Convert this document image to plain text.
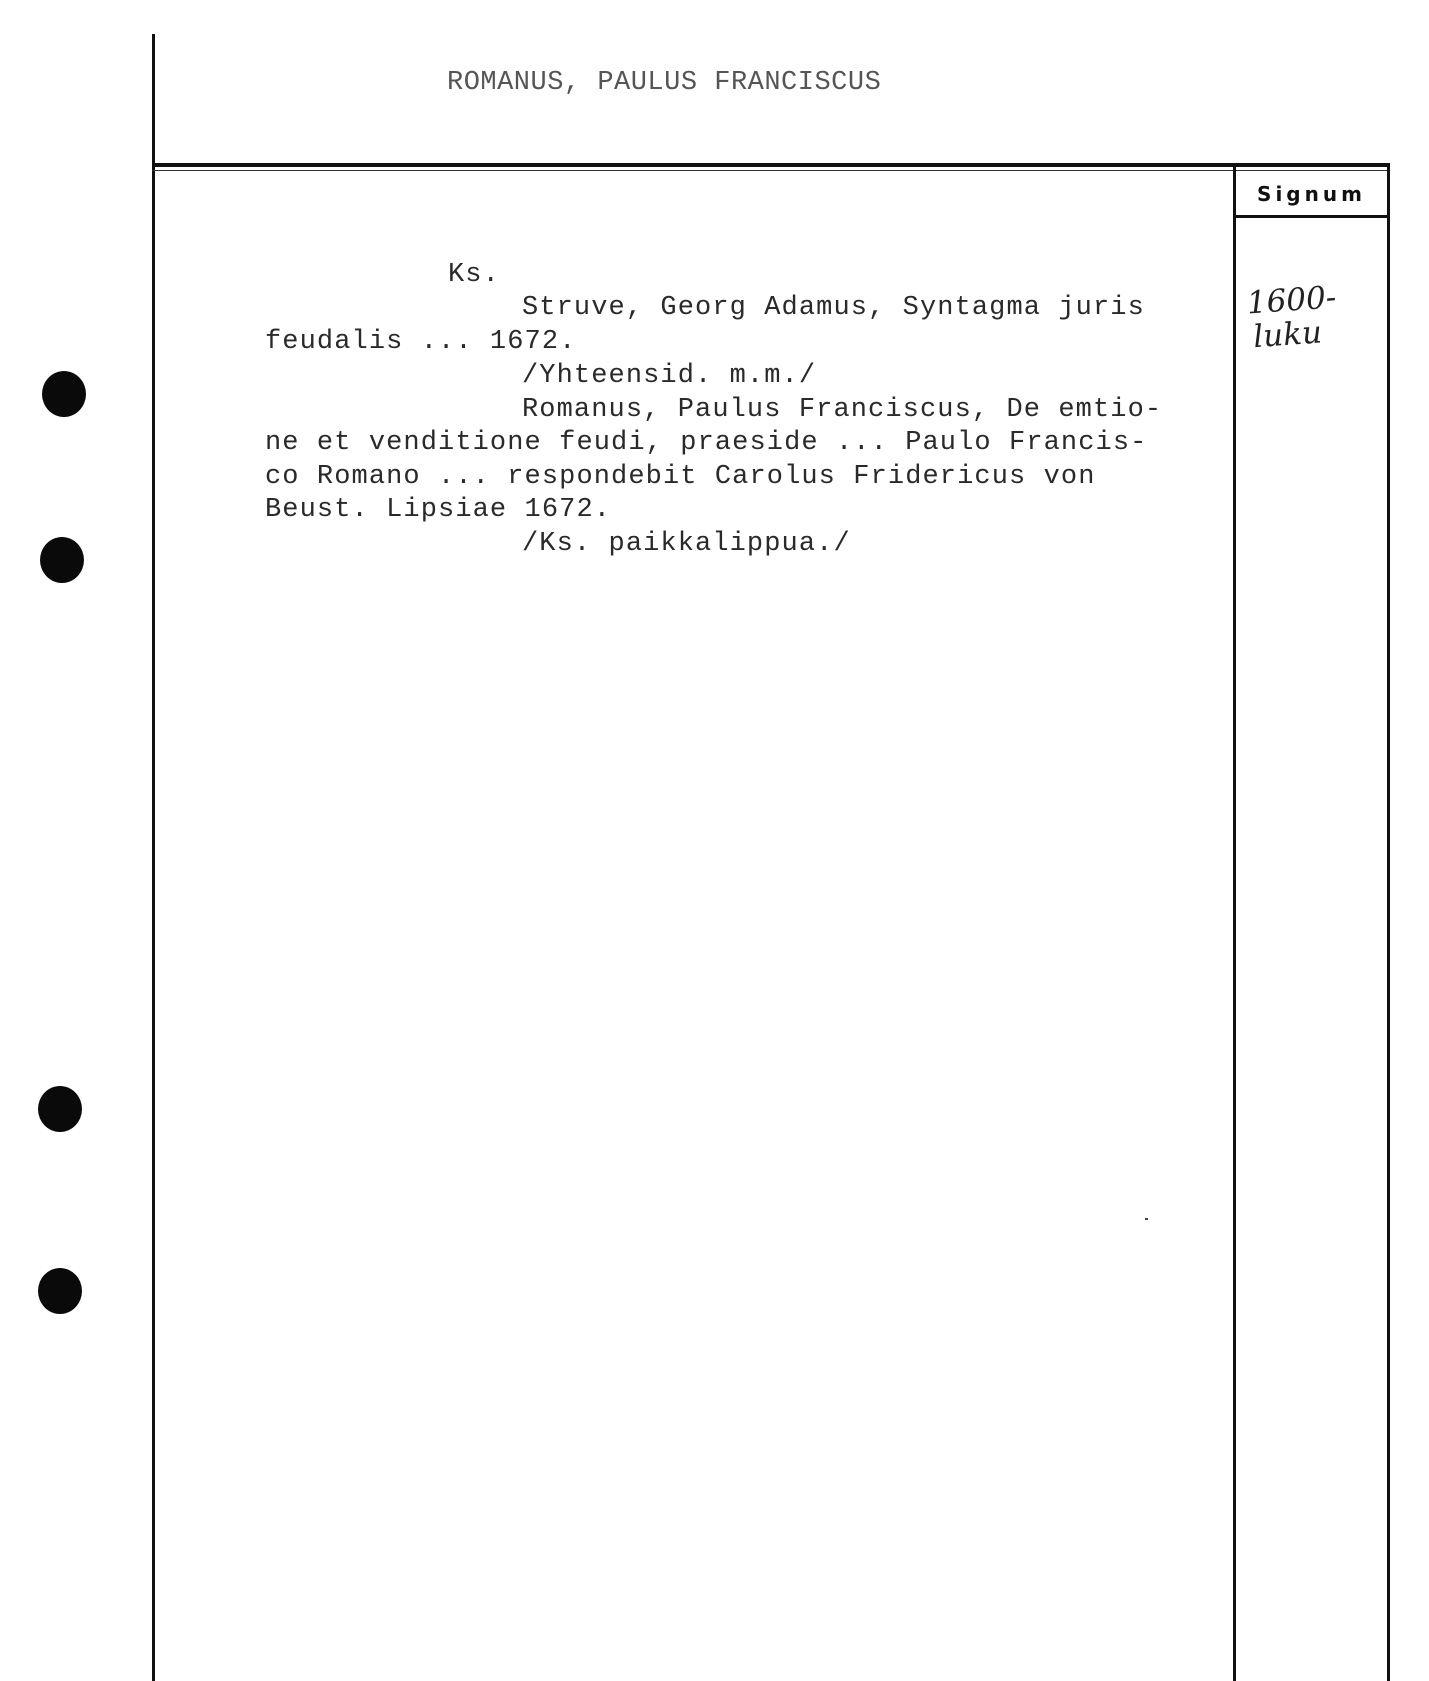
ROMANUS, PAULUS FRANCISCUS
Signum
1600-
luku
Ks.
Struve, Georg Adamus, Syntagma juris
feudalis ... 1672.
/Yhteensid. m.m./
Romanus, Paulus Franciscus, De emtio-
ne et venditione feudi, praeside ... Paulo Francis-
co Romano ... respondebit Carolus Fridericus von
Beust. Lipsiae 1672.
/Ks. paikkalippua./
